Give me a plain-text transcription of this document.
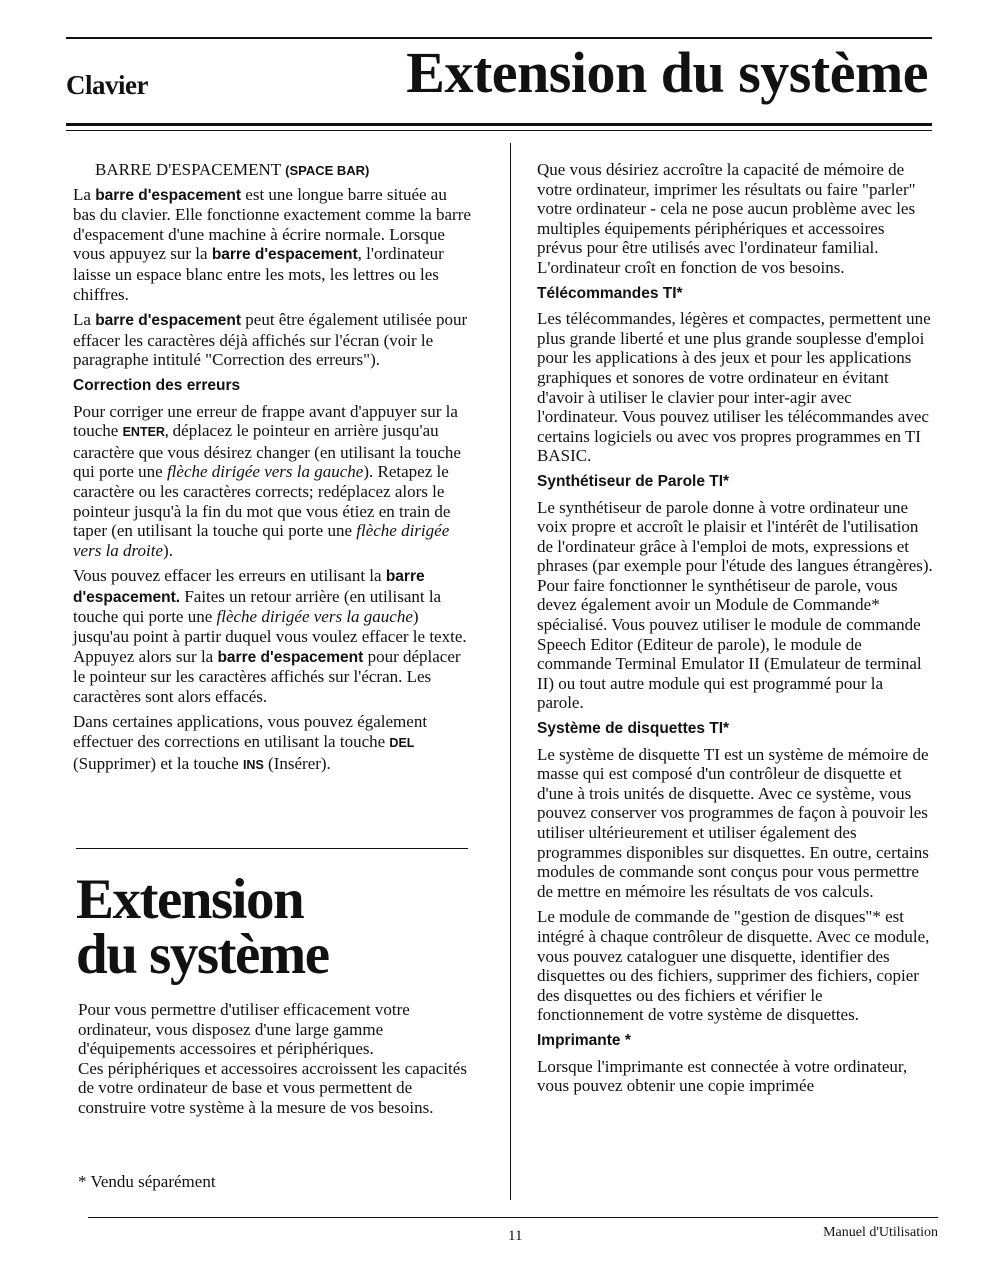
Clavier	Extension du système

BARRE D'ESPACEMENT (SPACE BAR)

La barre d'espacement est une longue barre située au bas du clavier. Elle fonctionne exactement comme la barre d'espacement d'une machine à écrire normale. Lorsque vous appuyez sur la barre d'espacement, l'ordinateur laisse un espace blanc entre les mots, les lettres ou les chiffres.

La barre d'espacement peut être également utilisée pour effacer les caractères déjà affichés sur l'écran (voir le paragraphe intitulé "Correction des erreurs").

Correction des erreurs

Pour corriger une erreur de frappe avant d'appuyer sur la touche ENTER, déplacez le pointeur en arrière jusqu'au caractère que vous désirez changer (en utilisant la touche qui porte une flèche dirigée vers la gauche). Retapez le caractère ou les caractères corrects; redéplacez alors le pointeur jusqu'à la fin du mot que vous étiez en train de taper (en utilisant la touche qui porte une flèche dirigée vers la droite).

Vous pouvez effacer les erreurs en utilisant la barre d'espacement. Faites un retour arrière (en utilisant la touche qui porte une flèche dirigée vers la gauche) jusqu'au point à partir duquel vous voulez effacer le texte. Appuyez alors sur la barre d'espacement pour déplacer le pointeur sur les caractères affichés sur l'écran. Les caractères sont alors effacés.

Dans certaines applications, vous pouvez également effectuer des corrections en utilisant la touche DEL (Supprimer) et la touche INS (Insérer).

Extension
du système

Pour vous permettre d'utiliser efficacement votre ordinateur, vous disposez d'une large gamme d'équipements accessoires et périphériques.

Ces périphériques et accessoires accroissent les capacités de votre ordinateur de base et vous permettent de construire votre système à la mesure de vos besoins.

* Vendu séparément

Que vous désiriez accroître la capacité de mémoire de votre ordinateur, imprimer les résultats ou faire "parler" votre ordinateur - cela ne pose aucun problème avec les multiples équipements périphériques et accessoires prévus pour être utilisés avec l'ordinateur familial. L'ordinateur croît en fonction de vos besoins.

Télécommandes TI*

Les télécommandes, légères et compactes, permettent une plus grande liberté et une plus grande souplesse d'emploi pour les applications à des jeux et pour les applications graphiques et sonores de votre ordinateur en évitant d'avoir à utiliser le clavier pour inter-agir avec l'ordinateur. Vous pouvez utiliser les télécommandes avec certains logiciels ou avec vos propres programmes en TI BASIC.

Synthétiseur de Parole TI*

Le synthétiseur de parole donne à votre ordinateur une voix propre et accroît le plaisir et l'intérêt de l'utilisation de l'ordinateur grâce à l'emploi de mots, expressions et phrases (par exemple pour l'étude des langues étrangères). Pour faire fonctionner le synthétiseur de parole, vous devez également avoir un Module de Commande* spécialisé. Vous pouvez utiliser le module de commande Speech Editor (Editeur de parole), le module de commande Terminal Emulator II (Emulateur de terminal II) ou tout autre module qui est programmé pour la parole.

Système de disquettes TI*

Le système de disquette TI est un système de mémoire de masse qui est composé d'un contrôleur de disquette et d'une à trois unités de disquette. Avec ce système, vous pouvez conserver vos programmes de façon à pouvoir les utiliser ultérieurement et utiliser également des programmes disponibles sur disquettes. En outre, certains modules de commande sont conçus pour vous permettre de mettre en mémoire les résultats de vos calculs.

Le module de commande de "gestion de disques"* est intégré à chaque contrôleur de disquette. Avec ce module, vous pouvez cataloguer une disquette, identifier des disquettes ou des fichiers, supprimer des fichiers, copier des disquettes ou des fichiers et vérifier le fonctionnement de votre système de disquettes.

Imprimante *

Lorsque l'imprimante est connectée à votre ordinateur, vous pouvez obtenir une copie imprimée

11	Manuel d'Utilisation
